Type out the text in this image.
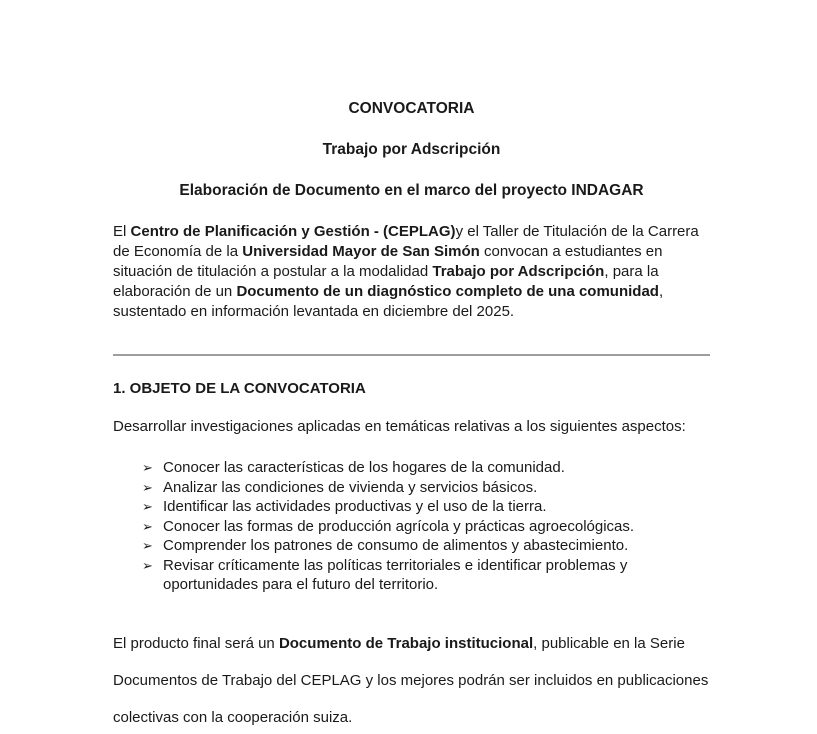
CONVOCATORIA

Trabajo por Adscripción

Elaboración de Documento en el marco del proyecto INDAGAR

El Centro de Planificación y Gestión - (CEPLAG)y el Taller de Titulación de la Carrera de Economía de la Universidad Mayor de San Simón convocan a estudiantes en situación de titulación a postular a la modalidad Trabajo por Adscripción, para la elaboración de un Documento de un diagnóstico completo de una comunidad, sustentado en información levantada en diciembre del 2025.

1. OBJETO DE LA CONVOCATORIA

Desarrollar investigaciones aplicadas en temáticas relativas a los siguientes aspectos:

➢ Conocer las características de los hogares de la comunidad.
➢ Analizar las condiciones de vivienda y servicios básicos.
➢ Identificar las actividades productivas y el uso de la tierra.
➢ Conocer las formas de producción agrícola y prácticas agroecológicas.
➢ Comprender los patrones de consumo de alimentos y abastecimiento.
➢ Revisar críticamente las políticas territoriales e identificar problemas y oportunidades para el futuro del territorio.

El producto final será un Documento de Trabajo institucional, publicable en la Serie Documentos de Trabajo del CEPLAG y los mejores podrán ser incluidos en publicaciones colectivas con la cooperación suiza.
